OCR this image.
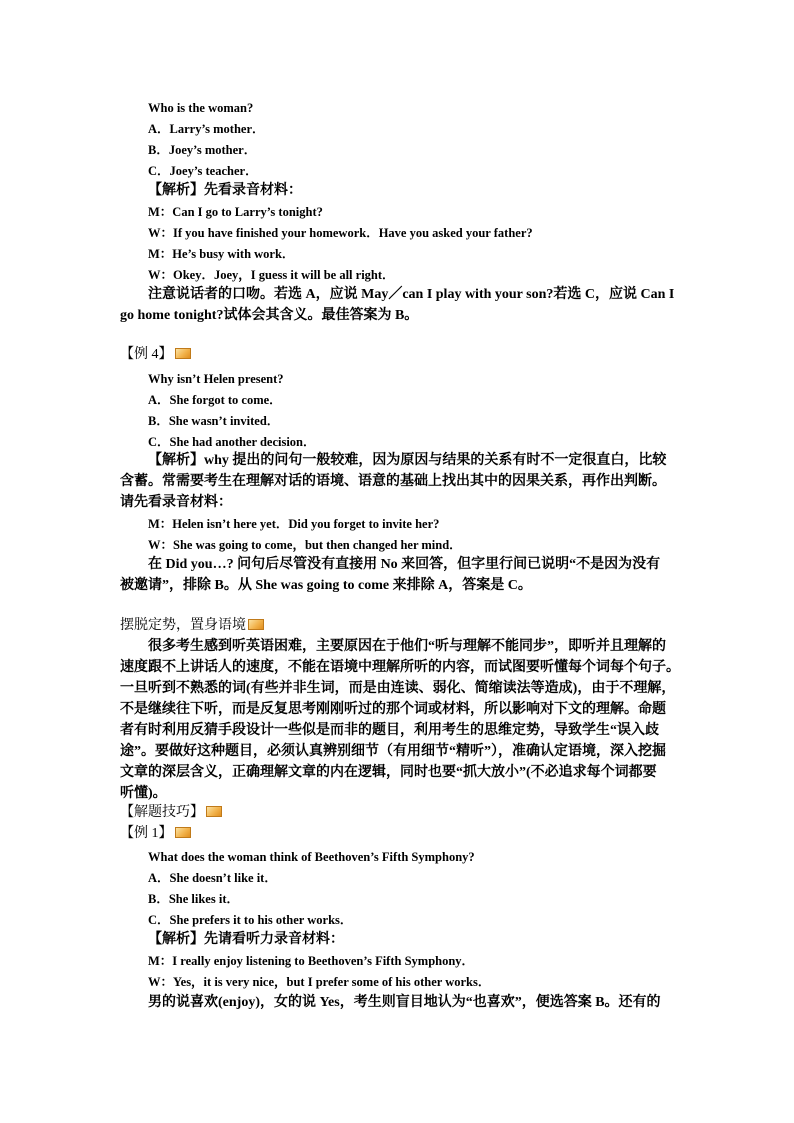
Who is the woman?
A．Larry’s mother．
B．Joey’s mother．
C．Joey’s teacher．
【解析】先看录音材料：
M：Can I go to Larry’s tonight?
W：If you have finished your homework．Have you asked your father?
M：He’s busy with work．
W：Okey．Joey，I guess it will be all right．
注意说话者的口吻。若选 A，应说 May／can I play with your son?若选 C，应说 Can I
go home tonight?试体会其含义。最佳答案为 B。
【例 4】
Why isn’t Helen present?
A．She forgot to come．
B．She wasn’t invited．
C．She had another decision．
【解析】why 提出的问句一般较难，因为原因与结果的关系有时不一定很直白，比较
含蓄。常需要考生在理解对话的语境、语意的基础上找出其中的因果关系，再作出判断。
请先看录音材料：
M：Helen isn’t here yet．Did you forget to invite her?
W：She was going to come，but then changed her mind．
在 Did you…? 问句后尽管没有直接用 No 来回答，但字里行间已说明“不是因为没有
被邀请”，排除 B。从 She was going to come 来排除 A，答案是 C。
摆脱定势，置身语境
很多考生感到听英语困难，主要原因在于他们“听与理解不能同步”，即听并且理解的
速度跟不上讲话人的速度，不能在语境中理解所听的内容，而试图要听懂每个词每个句子。
一旦听到不熟悉的词(有些并非生词，而是由连读、弱化、简缩读法等造成)，由于不理解，
不是继续往下听，而是反复思考刚刚听过的那个词或材料，所以影响对下文的理解。命题
者有时利用反猜手段设计一些似是而非的题目，利用考生的思维定势，导致学生“误入歧
途”。要做好这种题目，必须认真辨别细节（有用细节“精听”），准确认定语境，深入挖掘
文章的深层含义，正确理解文章的内在逻辑，同时也要“抓大放小”(不必追求每个词都要
听懂)。
【解题技巧】
【例 1】
What does the woman think of Beethoven’s Fifth Symphony?
A．She doesn’t like it．
B．She likes it．
C．She prefers it to his other works．
【解析】先请看听力录音材料：
M：I really enjoy listening to Beethoven’s Fifth Symphony．
W：Yes，it is very nice，but I prefer some of his other works．
男的说喜欢(enjoy)，女的说 Yes，考生则盲目地认为“也喜欢”，便选答案 B。还有的
